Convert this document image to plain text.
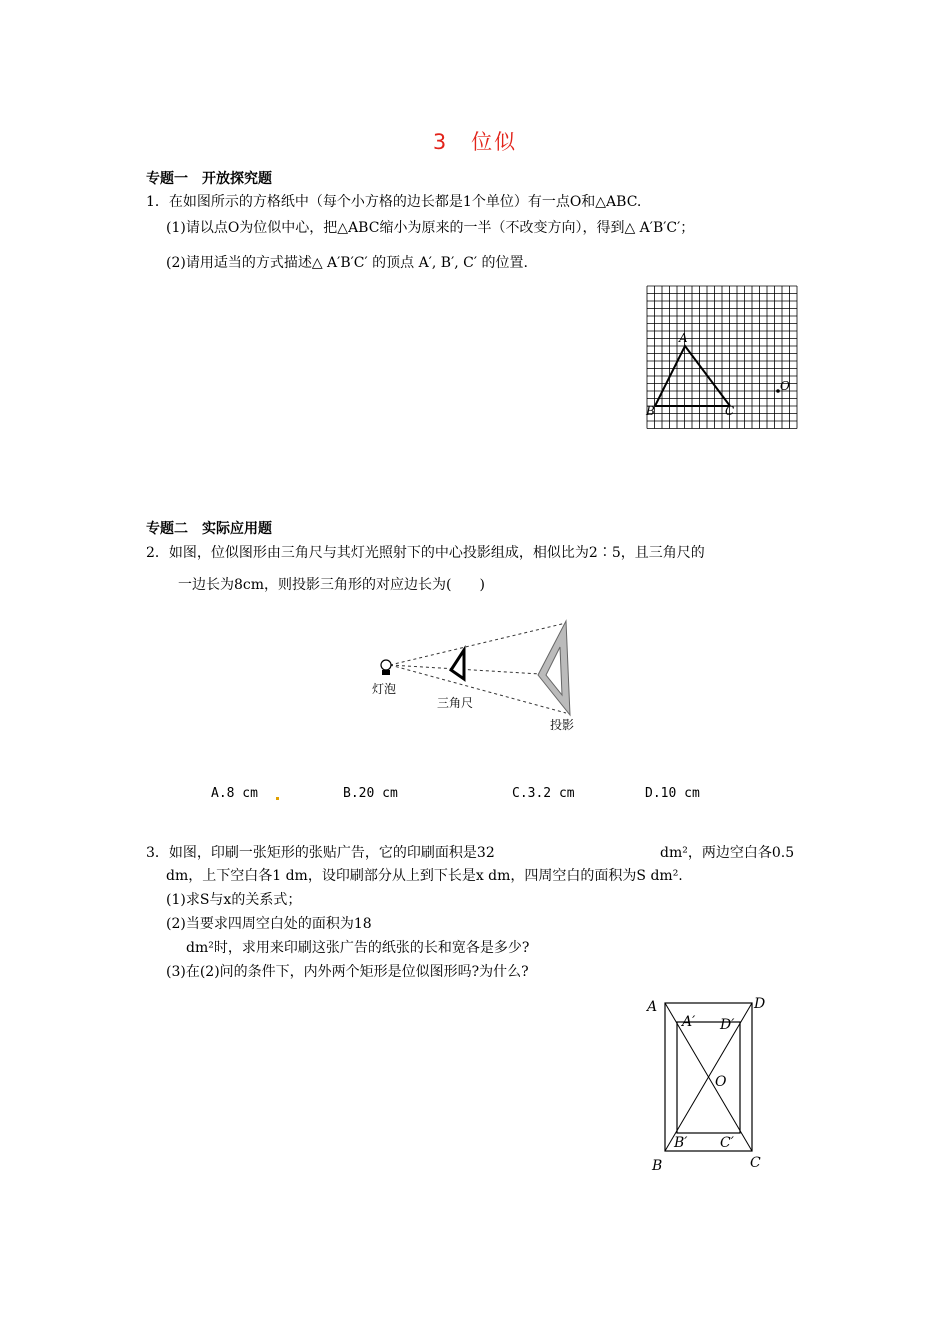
3　位似
专题一　开放探究题
1．在如图所示的方格纸中（每个小方格的边长都是1个单位）有一点O和△ABC.
(1)请以点O为位似中心，把△ABC缩小为原来的一半（不改变方向），得到△ A′B′C′；
(2)请用适当的方式描述△ A′B′C′ 的顶点 A′, B′, C′ 的位置.
A
B	C
O
专题二　实际应用题
2．如图，位似图形由三角尺与其灯光照射下的中心投影组成，相似比为2∶5，且三角尺的
一边长为8cm，则投影三角形的对应边长为(　　)
灯泡
三角尺
投影
A.8 cm	B.20 cm	C.3.2 cm	D.10 cm
3．如图，印刷一张矩形的张贴广告，它的印刷面积是32	dm²，两边空白各0.5
dm，上下空白各1 dm，设印刷部分从上到下长是x dm，四周空白的面积为S dm².
(1)求S与x的关系式；
(2)当要求四周空白处的面积为18
dm²时，求用来印刷这张广告的纸张的长和宽各是多少?
(3)在(2)问的条件下，内外两个矩形是位似图形吗?为什么?
A	D
A′ D′
O
B′ C′
B	C
